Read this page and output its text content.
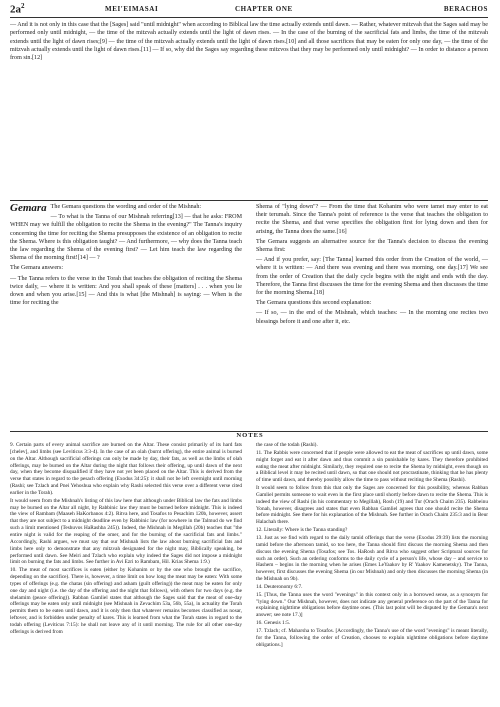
$2a^2$	MEI'EIMASAI	CHAPTER ONE	BERACHOS

— And it is not only in this case that the [Sages] said "until midnight" when according to Biblical law the time actually extends until dawn. — Rather, whatever mitzvah that the Sages said may be performed only until midnight, — the time of the mitzvah actually extends until the light of dawn rises. — In the case of the burning of the sacrificial fats and limbs, the time of the mitzvah extends until the light of dawn rises;[9] — the time of the mitzvah actually extends until the light of dawn rises.[10] and all those sacrifices that may be eaten for only one day, — the time of the mitzvah actually extends until the light of dawn rises.[11] — If so, why did the Sages say regarding these mitzvos that they may be performed only until midnight? — In order to distance a person from sin.[12]

Gemara The Gemara questions the wording and order of the Mishnah:

— To what is the Tanna of our Mishnah referring[13] — that he asks: FROM WHEN may we fulfill the obligation to recite the Shema in the evening?" The Tanna's inquiry concerning the time for reciting the Shema presupposes the existence of an obligation to recite the Shema. Where is this obligation taught? — And furthermore, — why does the Tanna teach the law regarding the Shema of the evening first? — Let him teach the law regarding the Shema of the morning first![14] — ?

The Gemara answers:

— The Tanna refers to the verse in the Torah that teaches the obligation of reciting the Shema twice daily, — where it is written: And you shall speak of these [matters] . . . when you lie down and when you arise.[15] — And this is what [the Mishnah] is saying: — When is the time for reciting the

Shema of "lying down"? — From the time that Kohanim who were tamei may enter to eat their terumah. Since the Tanna's point of reference is the verse that teaches the obligation to recite the Shema, and that verse specifies the obligation first for lying down and then for arising, the Tanna does the same.[16]

The Gemara suggests an alternative source for the Tanna's decision to discuss the evening Shema first:

— And if you prefer, say: [The Tanna] learned this order from the Creation of the world, — where it is written: — And there was evening and there was morning, one day.[17] We see from the order of Creation that the daily cycle begins with the night and ends with the day. Therefore, the Tanna first discusses the time for the evening Shema and then discusses the time for the morning Shema.[18]

The Gemara questions this second explanation:

— If so, — in the end of the Mishnah, which teaches: — In the morning one recites two blessings before it and one after it, etc.

NOTES

9. Certain parts of every animal sacrifice are burned on the Altar. These consist primarily of its hard fats [chelev], and limbs (see Leviticus 3:3-4). In the case of an olah (burnt offering), the entire animal is burned on the Altar. Although sacrificial offerings can only be made by day, their fats, as well as the limbs of olah offerings, may be burned on the Altar during the night that follows their offering, up until dawn of the next day, when they become disqualified if they have not yet been placed on the Altar. This is derived from the verse that states in regard to the pesach offering (Exodus 34:25): it shall not be left overnight until morning (Rashi; see Tzlach and Pnei Yehoshua who explain why Rashi selected this verse over a different verse cited earlier in the Torah).

It would seem from the Mishnah's listing of this law here that although under Biblical law the fats and limbs may be burned on the Altar all night, by Rabbinic law they must be burned before midnight. This is indeed the view of Rambam (Maaseh HaKorbanos 4:2). Ritva here, and Tosafos to Pesachim 120b, however, assert that they are not subject to a midnight deadline even by Rabbinic law (for nowhere in the Talmud do we find such a limit mentioned (Teshuvos HaRashba 245)). Indeed, the Mishnah in Megillah (20b) teaches that "the entire night is valid for the reaping of the omer, and for the burning of the sacrificial fats and limbs." Accordingly, Rashi argues, we must say that our Mishnah lists the law about burning sacrificial fats and limbs here only to demonstrate that any mitzvah designated for the night may, Biblically speaking, be performed until dawn. See Meiri and Tzlach who explain why indeed the Sages did not impose a midnight limit on burning the fats and limbs. See further in Avi Ezri to Rambam, Hil. Krias Shema 1:9.)

10. The meat of most sacrifices is eaten (either by Kohanim or by the one who brought the sacrifice, depending on the sacrifice). There is, however, a time limit on how long the meat may be eaten: With some types of offerings (e.g. the chatas (sin offering) and asham (guilt offering)) the meat may be eaten for only one day and night (i.e. the day of the offering and the night that follows), with others for two days (e.g. the shelamim (peace offering)). Rabban Gamliel states that although the Sages said that the meat of one-day offerings may be eaten only until midnight (see Mishnah in Zevachim 53a, 56b, 55a), in actuality the Torah permits them to be eaten until dawn, and it is only then that whatever remains becomes classified as nosar, leftover, and is forbidden under penalty of kares. This is learned from what the Torah states in regard to the todah offering (Leviticus 7:15): he shall not leave any of it until morning. The rule for all other one-day offerings is derived from

the case of the todah (Rashi).

11. The Rabbis were concerned that if people were allowed to eat the meat of sacrifices up until dawn, some might forget and eat it after dawn and thus commit a sin punishable by kares. They therefore prohibited eating the meat after midnight. Similarly, they required one to recite the Shema by midnight, even though on a Biblical level it may be recited until dawn, so that one should not procrastinate, thinking that he has plenty of time until dawn, and thereby possibly allow the time to pass without reciting the Shema (Rashi).

It would seem to follow from this that only the Sages are concerned for this possibility, whereas Rabban Gamliel permits someone to wait even in the first place until shortly before dawn to recite the Shema. This is indeed the view of Rashi (in his commentary to Megillah), Rosh (19) and Tur (Orach Chaim 235). Rabbeinu Yonah, however, disagrees and states that even Rabban Gamliel agrees that one should recite the Shema before midnight. See there for his explanation of the Mishnah. See further in Orach Chaim 235:3 and in Beur Halachah there.

12. Literally: Where is the Tanna standing?

13. Just as we find with regard to the daily tamid offerings that the verse (Exodus 29:39) lists the morning tamid before the afternoon tamid, so too here, the Tanna should first discuss the morning Shema and then discuss the evening Shema (Tosafos; see Tos. HaRosh and Ritva who suggest other Scriptural sources for such an order). Such an ordering conforms to the daily cycle of a person's life, whose day – and service to Hashem – begins in the morning when he arises (Emes LeYaakov by R' Yaakov Kamenetsky). The Tanna, however, first discusses the evening Shema (in our Mishnah) and only then discusses the morning Shema (in the Mishnah on 9b).

14. Deuteronomy 6:7.

15. [Thus, the Tanna uses the word "evenings" in this context only in a borrowed sense, as a synonym for "lying down." Our Mishnah, however, does not indicate any general preference on the part of the Tanna for explaining nighttime obligations before daytime ones. (This last point will be disputed by the Gemara's next answer; see note 17.)]

16. Genesis 1:5.

17. Tzlach; cf. Maharsha to Tosafos. [Accordingly, the Tanna's use of the word "evenings" is meant literally, for the Tanna, following the order of Creation, chooses to explain nighttime obligations before daytime obligations.]
